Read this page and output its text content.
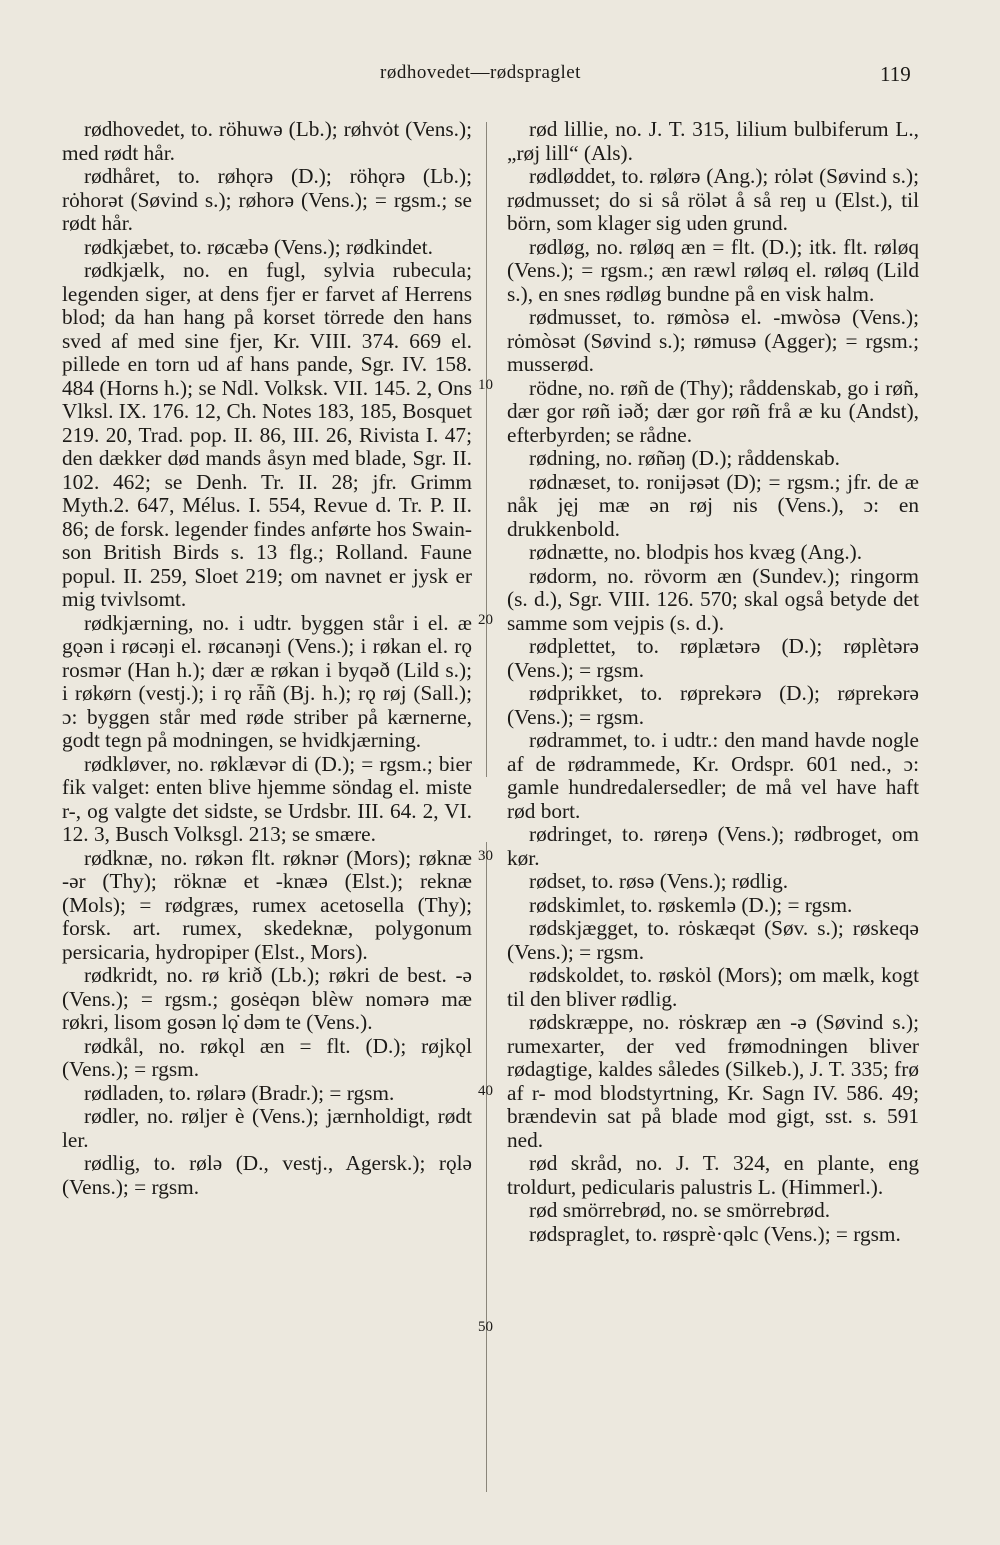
rødhovedet—rødspraglet	119
10
20
30
40
50

rødhovedet, to. röhuwə (Lb.); røhvȯt (Vens.); med rødt hår.

rødhåret, to. røhǫrə (D.); röhǫrə (Lb.); rȯhorət (Søvind s.); røhorə (Vens.); = rgsm.; se rødt hår.

rødkjæbet, to. røcæbə (Vens.); rødkindet.

rødkjælk, no. en fugl, sylvia rubecula; legenden siger, at dens fjer er farvet af Herrens blod; da han hang på korset törrede den hans sved af med sine fjer, Kr. VIII. 374. 669 el. pillede en torn ud af hans pande, Sgr. IV. 158. 484 (Horns h.); se Ndl. Volksk. VII. 145. 2, Ons Vlksl. IX. 176. 12, Ch. Notes 183, 185, Bosquet 219. 20, Trad. pop. II. 86, III. 26, Rivista I. 47; den dækker død mands åsyn med blade, Sgr. II. 102. 462; se Denh. Tr. II. 28; jfr. Grimm Myth.2. 647, Mélus. I. 554, Revue d. Tr. P. II. 86; de forsk. legender findes anførte hos Swainson British Birds s. 13 flg.; Rolland. Faune popul. II. 259, Sloet 219; om navnet er jysk er mig tvivlsomt.

rødkjærning, no. i udtr. byggen står i el. æ gǫən i røcəŋi el. røcanəŋi (Vens.); i røkan el. rǫ rosmər (Han h.); dær æ røkan i byqəð (Lild s.); i røkørn (vestj.); i rǫ rǡñ (Bj. h.); rǫ røj (Sall.); ɔ: byggen står med røde striber på kærnerne, godt tegn på modningen, se hvidkjærning.

rødkløver, no. røklævər di (D.); = rgsm.; bier fik valget: enten blive hjemme söndag el. miste r-, og valgte det sidste, se Urdsbr. III. 64. 2, VI. 12. 3, Busch Volksgl. 213; se smære.

rødknæ, no. røkən flt. røknər (Mors); røknæ -ər (Thy); röknæ et -knæə (Elst.); reknæ (Mols); = rødgræs, rumex acetosella (Thy); forsk. art. rumex, skedeknæ, polygonum persicaria, hydropiper (Elst., Mors).

rødkridt, no. rø krið (Lb.); røkri de best. -ə (Vens.); = rgsm.; gosėqən blèw nomərə mæ røkri, lisom gosən lǫ̇ dəm te (Vens.).

rødkål, no. røkǫl æn = flt. (D.); røjkǫl (Vens.); = rgsm.

rødladen, to. rølarə (Bradr.); = rgsm.

rødler, no. røljer è (Vens.); jærnholdigt, rødt ler.

rødlig, to. rølə (D., vestj., Agersk.); rǫlə (Vens.); = rgsm.

rød lillie, no. J. T. 315, lilium bulbiferum L., „røj lill“ (Als).

rødløddet, to. rølørə (Ang.); rȯlət (Søvind s.); rødmusset; do si så rölət å så reŋ u (Elst.), til börn, som klager sig uden grund.

rødløg, no. røløq æn = flt. (D.); itk. flt. røløq (Vens.); = rgsm.; æn ræwl røløq el. røløq (Lild s.), en snes rødløg bundne på en visk halm.

rødmusset, to. rømòsə el. -mwòsə (Vens.); rȯmòsət (Søvind s.); rømusə (Agger); = rgsm.; musserød.

rödne, no. røñ de (Thy); råddenskab, go i røñ, dær gor røñ iəð; dær gor røñ frå æ ku (Andst), efterbyrden; se rådne.

rødning, no. røñəŋ (D.); råddenskab.

rødnæset, to. ronijəsət (D); = rgsm.; jfr. de æ nåk jęj mæ ən røj nis (Vens.), ɔ: en drukkenbold.

rødnætte, no. blodpis hos kvæg (Ang.).

rødorm, no. rövorm æn (Sundev.); ringorm (s. d.), Sgr. VIII. 126. 570; skal også betyde det samme som vejpis (s. d.).

rødplettet, to. røplætərə (D.); røplètərə (Vens.); = rgsm.

rødprikket, to. røprekərə (D.); røprekərə (Vens.); = rgsm.

rødrammet, to. i udtr.: den mand havde nogle af de rødrammede, Kr. Ordspr. 601 ned., ɔ: gamle hundredalersedler; de må vel have haft rød bort.

rødringet, to. røreŋə (Vens.); rødbroget, om kør.

rødset, to. røsə (Vens.); rødlig.

rødskimlet, to. røskemlə (D.); = rgsm.

rødskjægget, to. rȯskæqət (Søv. s.); røskeqə (Vens.); = rgsm.

rødskoldet, to. røskȯl (Mors); om mælk, kogt til den bliver rødlig.

rødskræppe, no. rȯskræp æn -ə (Søvind s.); rumexarter, der ved frømodningen bliver rødagtige, kaldes således (Silkeb.), J. T. 335; frø af r- mod blodstyrtning, Kr. Sagn IV. 586. 49; brændevin sat på blade mod gigt, sst. s. 591 ned.

rød skråd, no. J. T. 324, en plante, eng troldurt, pedicularis palustris L. (Himmerl.).

rød smörrebrød, no. se smörrebrød.

rødspraglet, to. røsprè·qəlc (Vens.); = rgsm.
